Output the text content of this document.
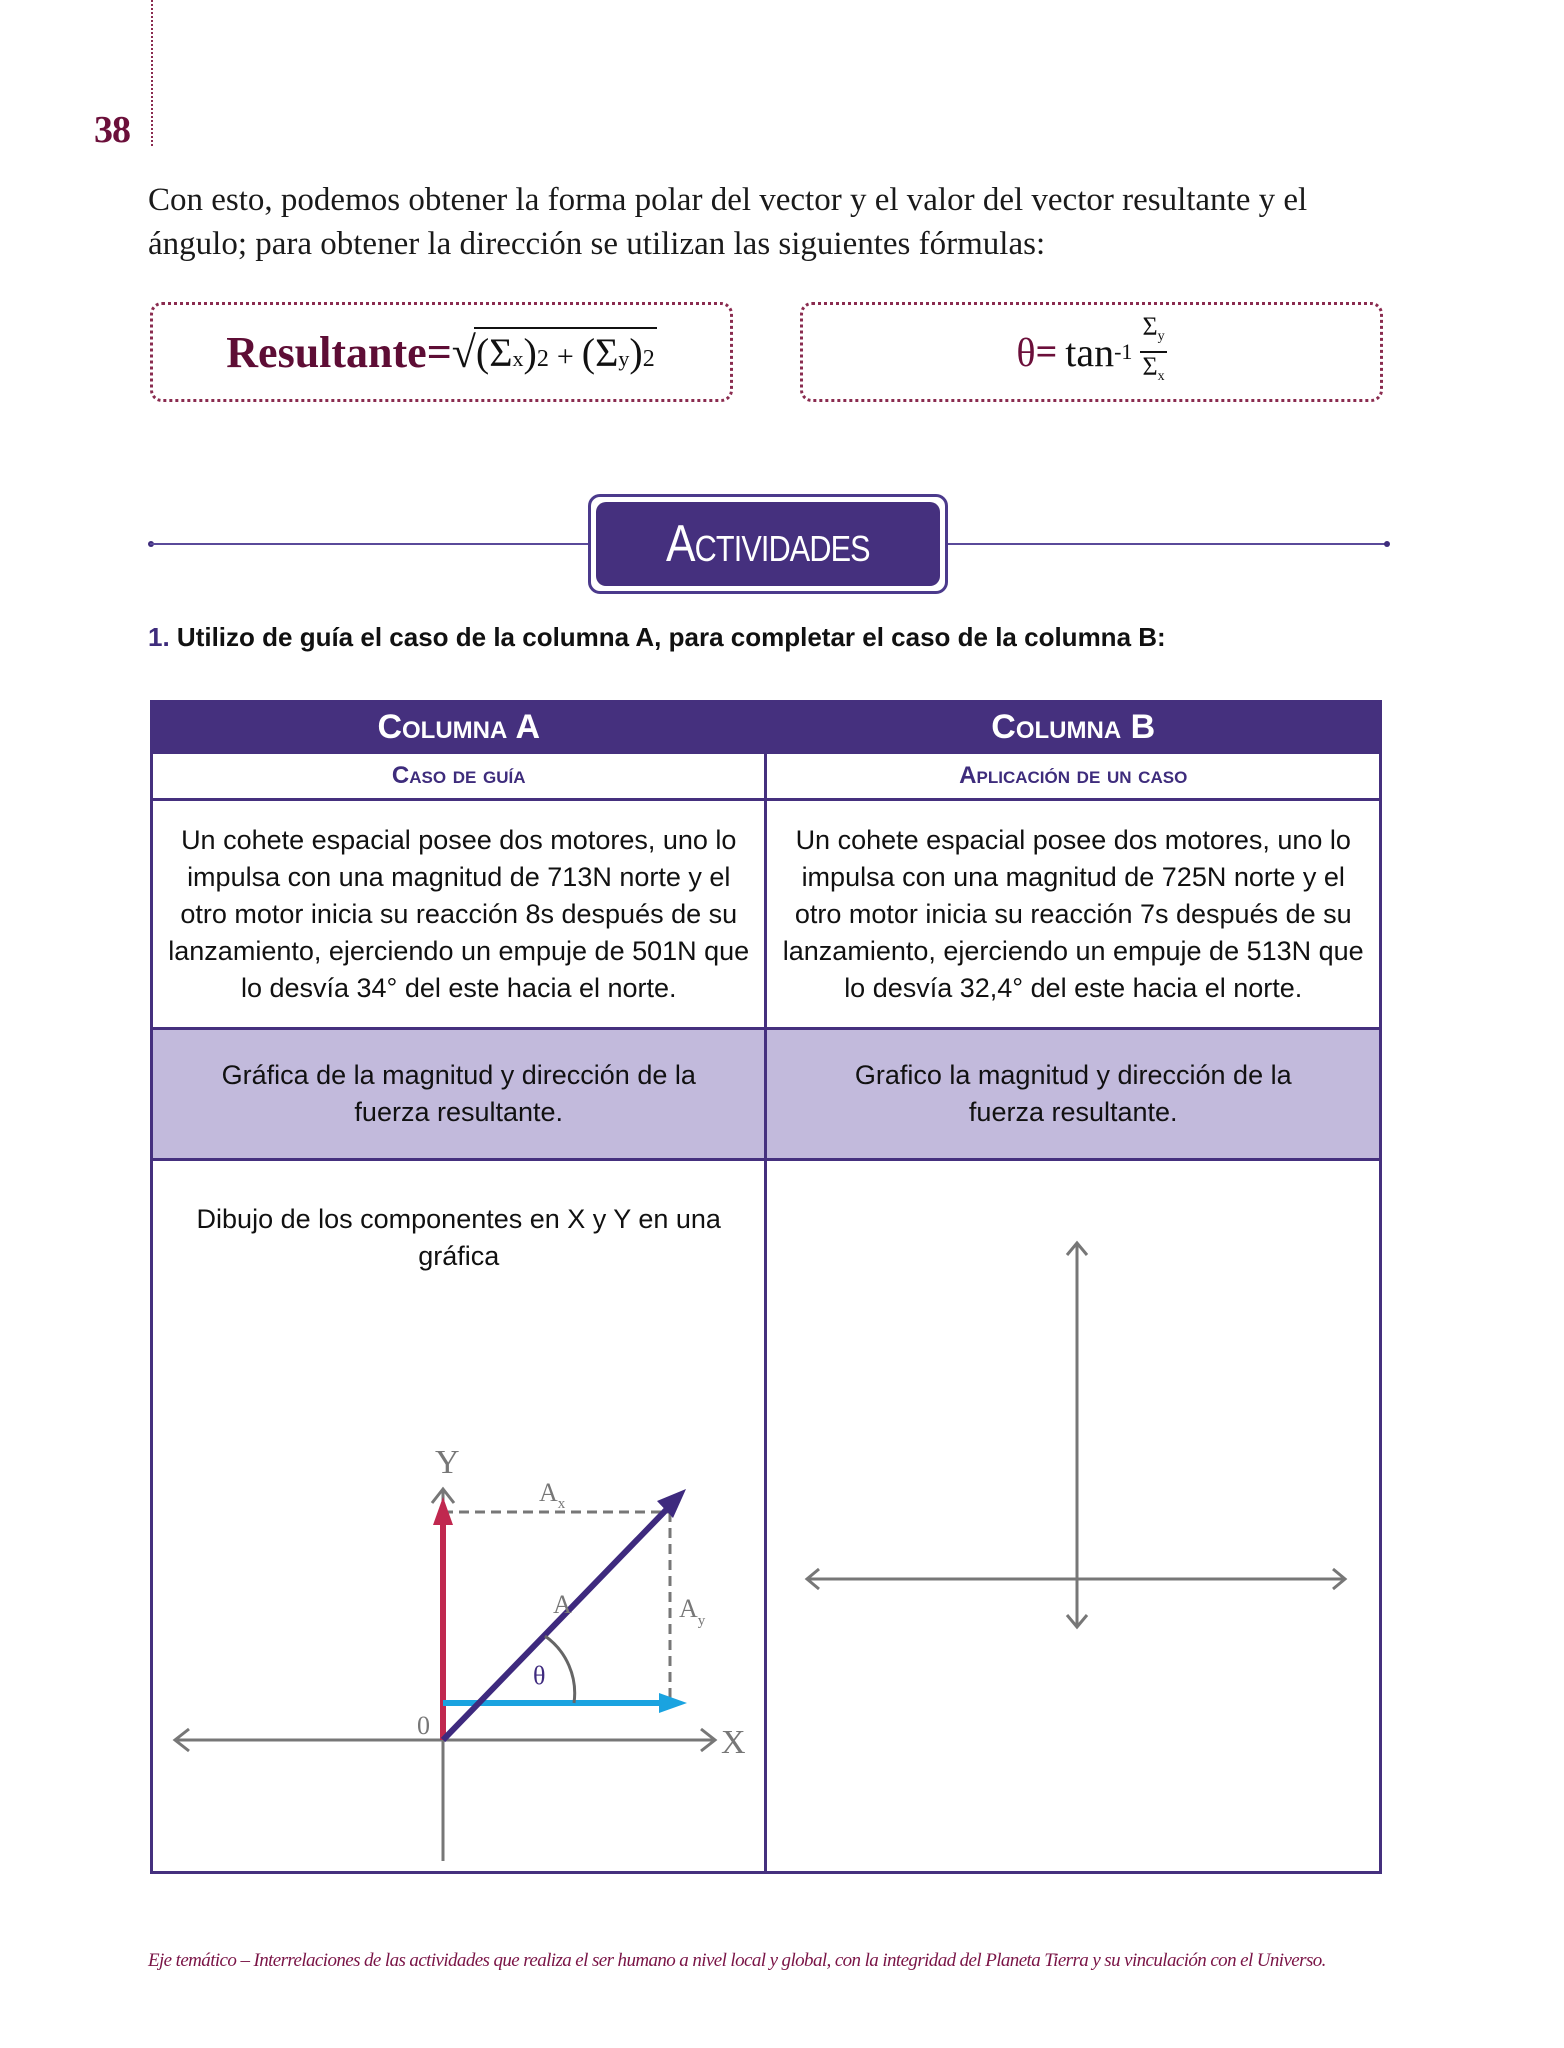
38

Con esto, podemos obtener la forma polar del vector y el valor del vector resultante y el ángulo; para obtener la dirección se utilizan las siguientes fórmulas:

Resultante= √ ( Σ x ) 2 + ( Σ y ) 2	$\theta = \tan -1 \frac{\Sigma_y}{\Sigma_x}$
Actividades
1. Utilizo de guía el caso de la columna A, para completar el caso de la columna B:
Columna A	Columna B
Caso de guía	Aplicación de un caso
Un cohete espacial posee dos motores, uno lo impulsa con una magnitud de 713N norte y el otro motor inicia su reacción 8s después de su lanzamiento, ejerciendo un empuje de 501N que lo desvía 34° del este hacia el norte.	Un cohete espacial posee dos motores, uno lo impulsa con una magnitud de 725N norte y el otro motor inicia su reacción 7s después de su lanzamiento, ejerciendo un empuje de 513N que lo desvía 32,4° del este hacia el norte.
Gráfica de la magnitud y dirección de la fuerza resultante.	Grafico la magnitud y dirección de la fuerza resultante.

Dibujo de los componentes en X y Y en una gráfica
Y
X
0
A
$A_x$
$A_y$
θ

Eje temático – Interrelaciones de las actividades que realiza el ser humano a nivel local y global, con la integridad del Planeta Tierra y su vinculación con el Universo.
